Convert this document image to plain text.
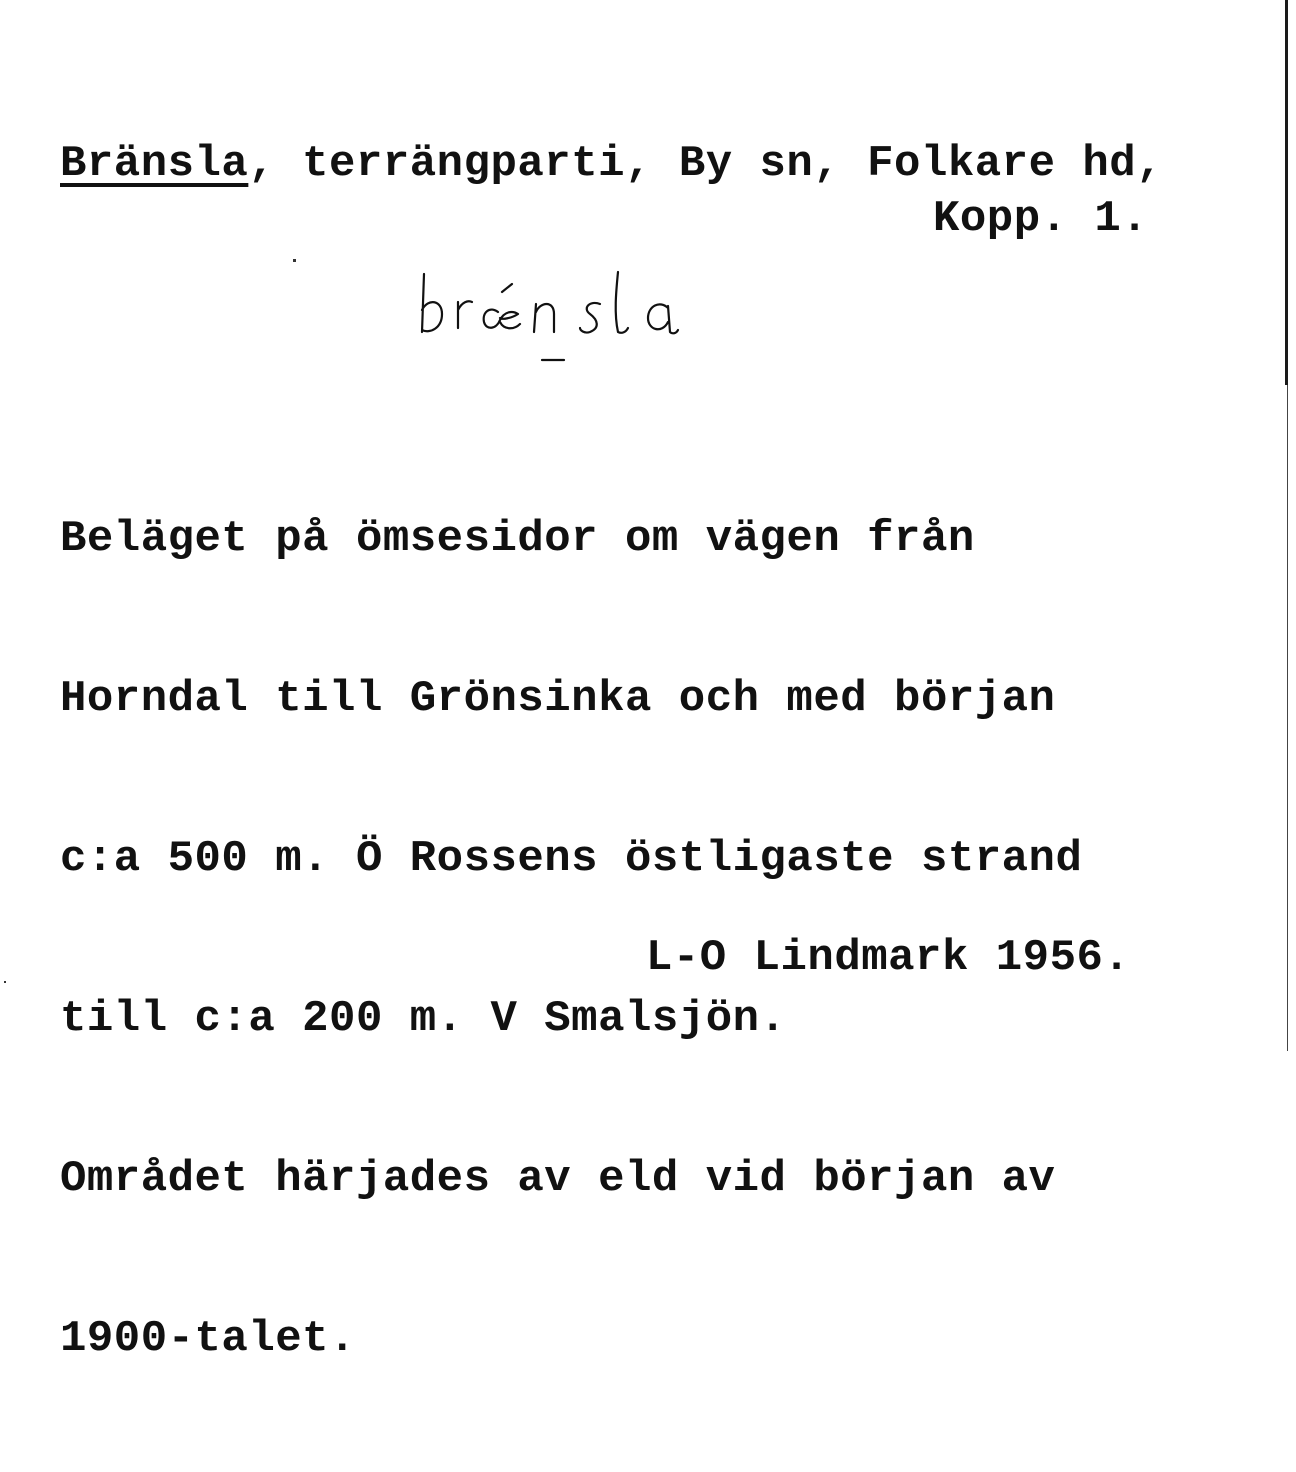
Bränsla, terrängparti, By sn, Folkare hd,
Kopp. 1.

Beläget på ömsesidor om vägen från

Horndal till Grönsinka och med början

c:a 500 m. Ö Rossens östligaste strand

till c:a 200 m. V Smalsjön.

Området härjades av eld vid början av

1900-talet.

L-O Lindmark 1956.
